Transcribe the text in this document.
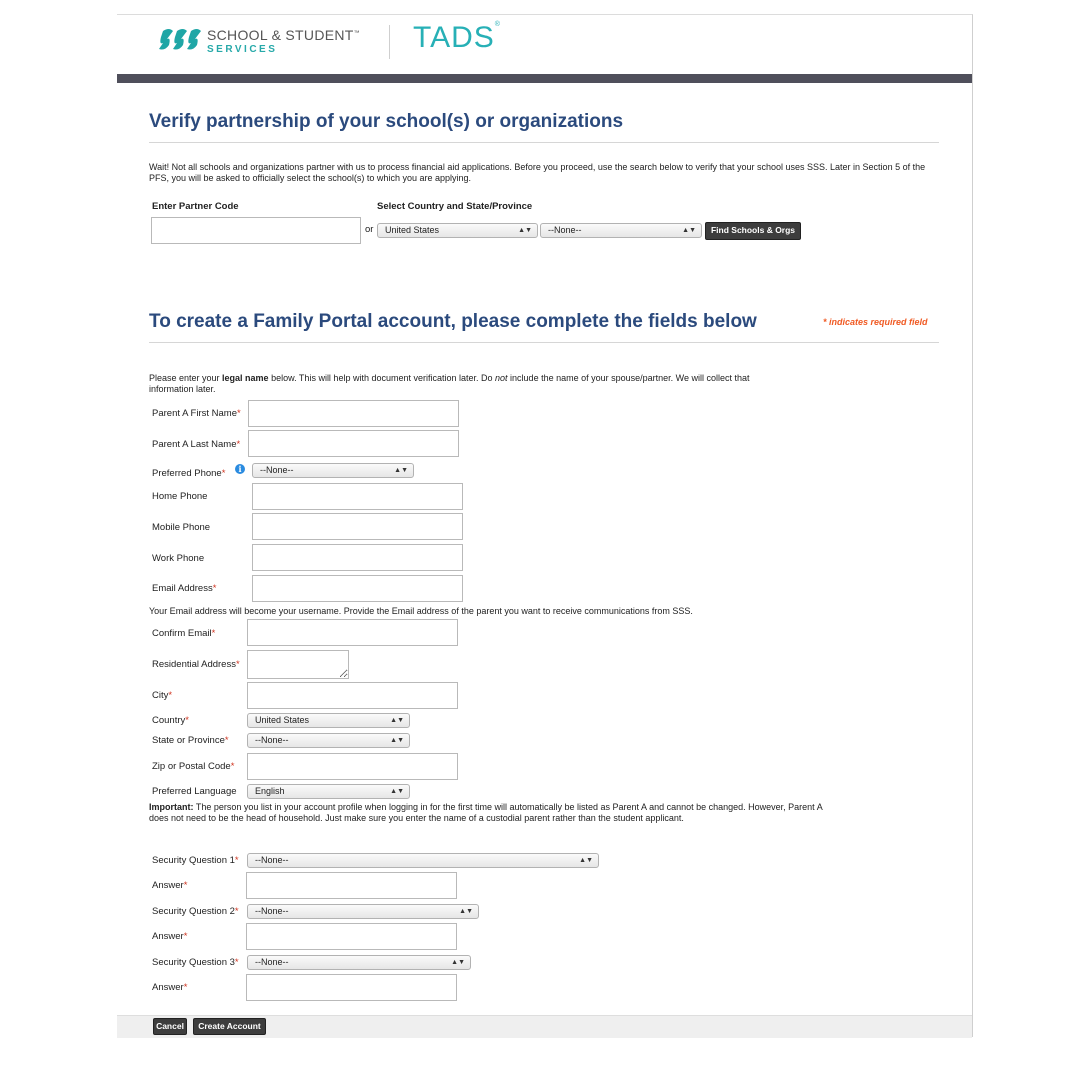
SCHOOL & STUDENT™
SERVICES	TADS®
Verify partnership of your school(s) or organizations
Wait! Not all schools and organizations partner with us to process financial aid applications. Before you proceed, use the search below to verify that your school uses SSS. Later in Section 5 of the PFS, you will be asked to officially select the school(s) to which you are applying.
Enter Partner Code
or
Select Country and State/Province
United States	▲▼	--None--	▲▼	Find Schools & Orgs
To create a Family Portal account, please complete the fields below	* indicates required field
Please enter your legal name below. This will help with document verification later. Do not include the name of your spouse/partner. We will collect that information later.
Parent A First Name*
Parent A Last Name*
Preferred Phone*	i	--None--	▲▼
Home Phone
Mobile Phone
Work Phone
Email Address*
Your Email address will become your username. Provide the Email address of the parent you want to receive communications from SSS.
Confirm Email*
Residential Address*
City*
Country*	United States	▲▼
State or Province*	--None--	▲▼
Zip or Postal Code*
Preferred Language	English	▲▼
Important: The person you list in your account profile when logging in for the first time will automatically be listed as Parent A and cannot be changed. However, Parent A does not need to be the head of household. Just make sure you enter the name of a custodial parent rather than the student applicant.
Security Question 1*	--None--	▲▼
Answer*
Security Question 2*	--None--	▲▼
Answer*
Security Question 3*	--None--	▲▼
Answer*
Cancel	Create Account
